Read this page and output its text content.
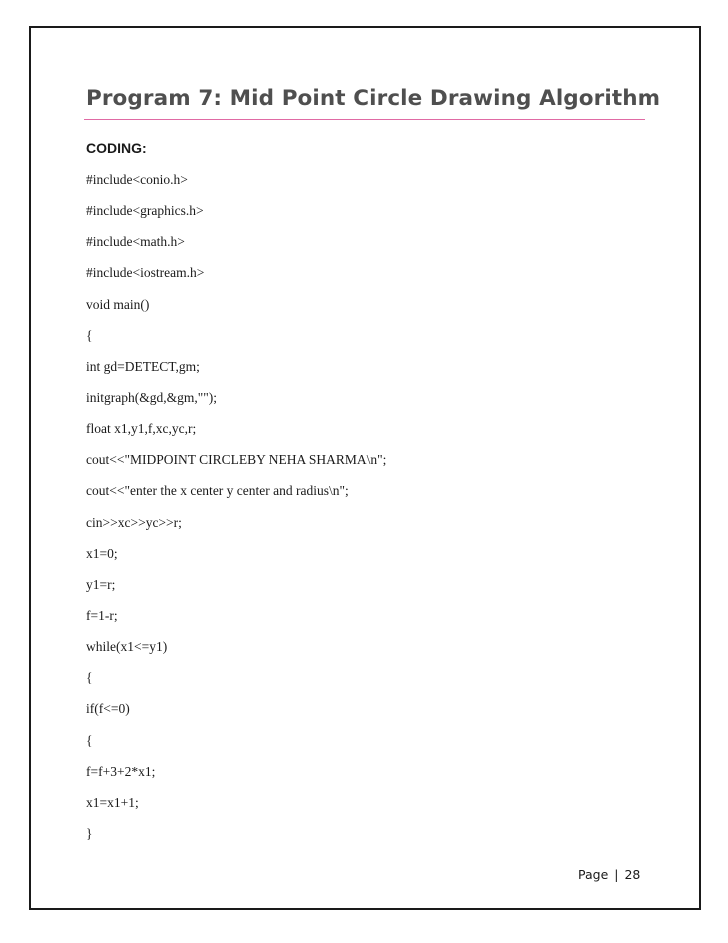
Program 7: Mid Point Circle Drawing Algorithm
CODING:
#include<conio.h>
#include<graphics.h>
#include<math.h>
#include<iostream.h>
void main()
{
int gd=DETECT,gm;
initgraph(&gd,&gm,"");
float x1,y1,f,xc,yc,r;
cout<<"MIDPOINT CIRCLEBY NEHA SHARMA\n";
cout<<"enter the x center y center and radius\n";
cin>>xc>>yc>>r;
x1=0;
y1=r;
f=1-r;
while(x1<=y1)
{
if(f<=0)
{
f=f+3+2*x1;
x1=x1+1;
}
Page | 28
